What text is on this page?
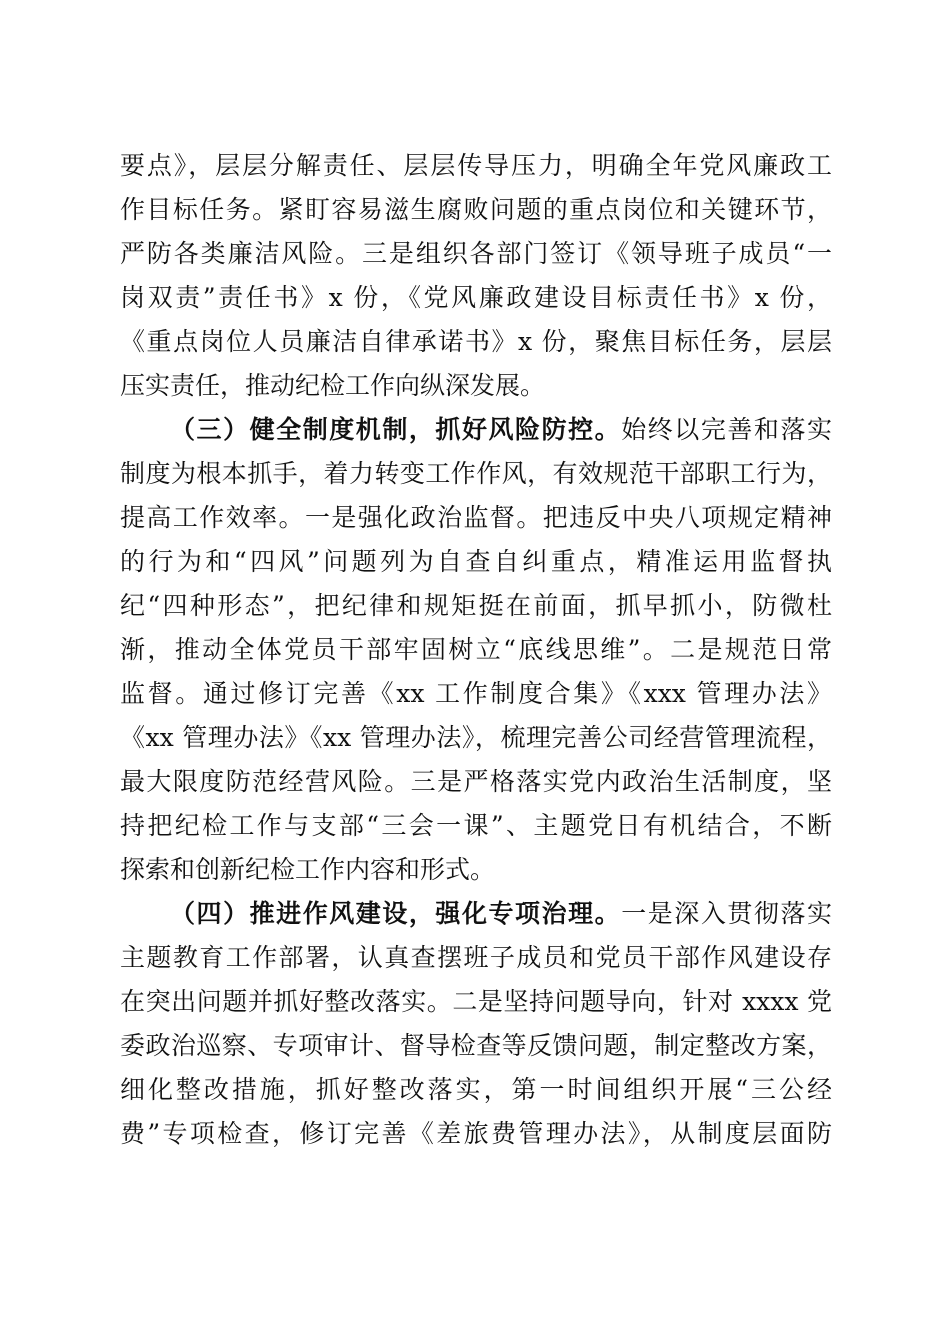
要点》，层层分解责任、层层传导压力，明确全年党风廉政工
作目标任务。紧盯容易滋生腐败问题的重点岗位和关键环节，
严防各类廉洁风险。三是组织各部门签订《领导班子成员“一
岗双责”责任书》x 份，《党风廉政建设目标责任书》x 份，
《重点岗位人员廉洁自律承诺书》x 份，聚焦目标任务，层层
压实责任，推动纪检工作向纵深发展。
（三）健全制度机制，抓好风险防控。始终以完善和落实
制度为根本抓手，着力转变工作作风，有效规范干部职工行为，
提高工作效率。一是强化政治监督。把违反中央八项规定精神
的行为和“四风”问题列为自查自纠重点，精准运用监督执
纪“四种形态”，把纪律和规矩挺在前面，抓早抓小，防微杜
渐，推动全体党员干部牢固树立“底线思维”。二是规范日常
监督。通过修订完善《xx 工作制度合集》《xxx 管理办法》
《xx 管理办法》《xx 管理办法》，梳理完善公司经营管理流程，
最大限度防范经营风险。三是严格落实党内政治生活制度，坚
持把纪检工作与支部“三会一课”、主题党日有机结合，不断
探索和创新纪检工作内容和形式。
（四）推进作风建设，强化专项治理。一是深入贯彻落实
主题教育工作部署，认真查摆班子成员和党员干部作风建设存
在突出问题并抓好整改落实。二是坚持问题导向，针对 xxxx 党
委政治巡察、专项审计、督导检查等反馈问题，制定整改方案，
细化整改措施，抓好整改落实，第一时间组织开展“三公经
费”专项检查，修订完善《差旅费管理办法》，从制度层面防
